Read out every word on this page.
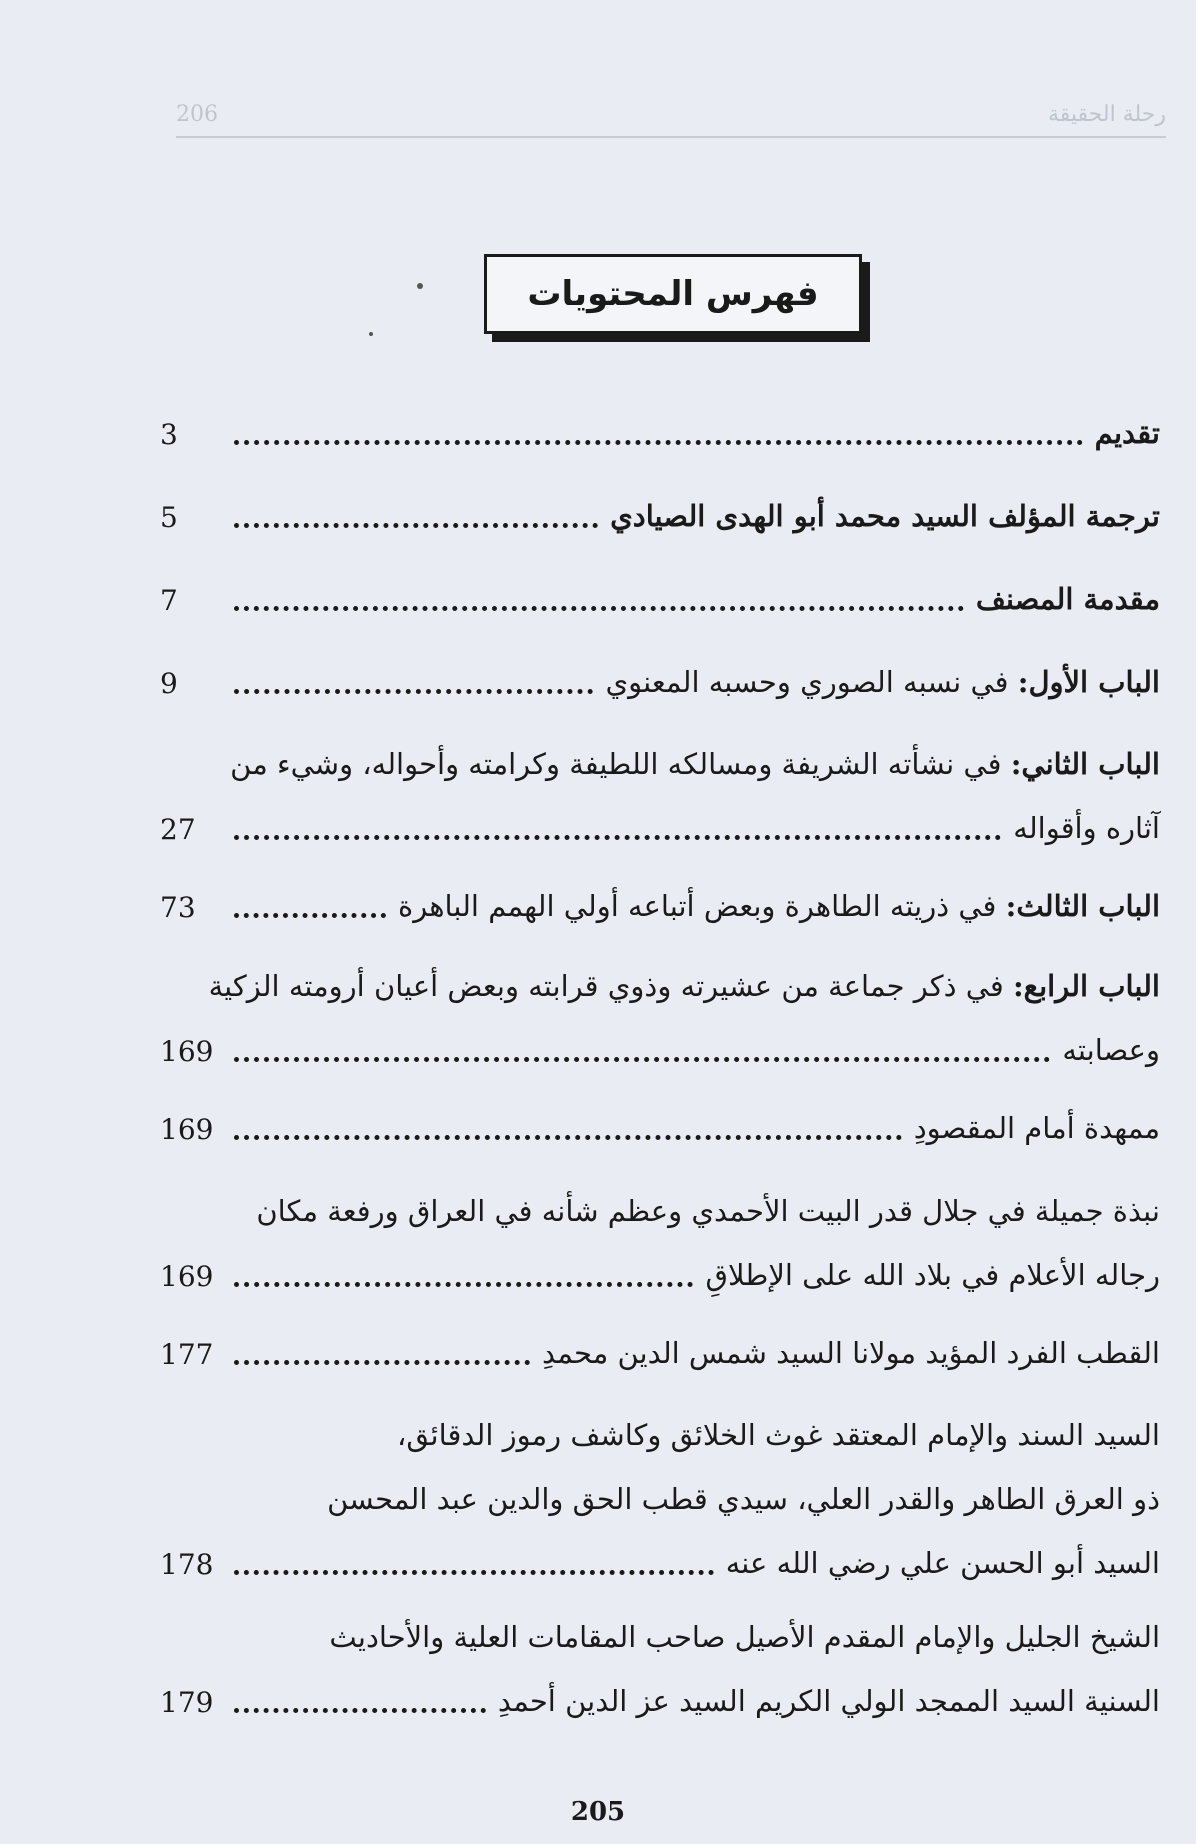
206	رحلة الحقيقة
فهرس المحتويات
3	تقديم
5	ترجمة المؤلف السيد محمد أبو الهدى الصيادي
7	مقدمة المصنف
9	الباب الأول: في نسبه الصوري وحسبه المعنوي
الباب الثاني: في نشأته الشريفة ومسالكه اللطيفة وكرامته وأحواله، وشيء من
27	آثاره وأقواله
73	الباب الثالث: في ذريته الطاهرة وبعض أتباعه أولي الهمم الباهرة
الباب الرابع: في ذكر جماعة من عشيرته وذوي قرابته وبعض أعيان أرومته الزكية
169	وعصابته
169	ممهدة أمام المقصودِ
نبذة جميلة في جلال قدر البيت الأحمدي وعظم شأنه في العراق ورفعة مكان
169	رجاله الأعلام في بلاد الله على الإطلاقِ
177	القطب الفرد المؤيد مولانا السيد شمس الدين محمدِ
السيد السند والإمام المعتقد غوث الخلائق وكاشف رموز الدقائق،
ذو العرق الطاهر والقدر العلي، سيدي قطب الحق والدين عبد المحسن
178	السيد أبو الحسن علي رضي الله عنه
الشيخ الجليل والإمام المقدم الأصيل صاحب المقامات العلية والأحاديث
179	السنية السيد الممجد الولي الكريم السيد عز الدين أحمدِ
205
